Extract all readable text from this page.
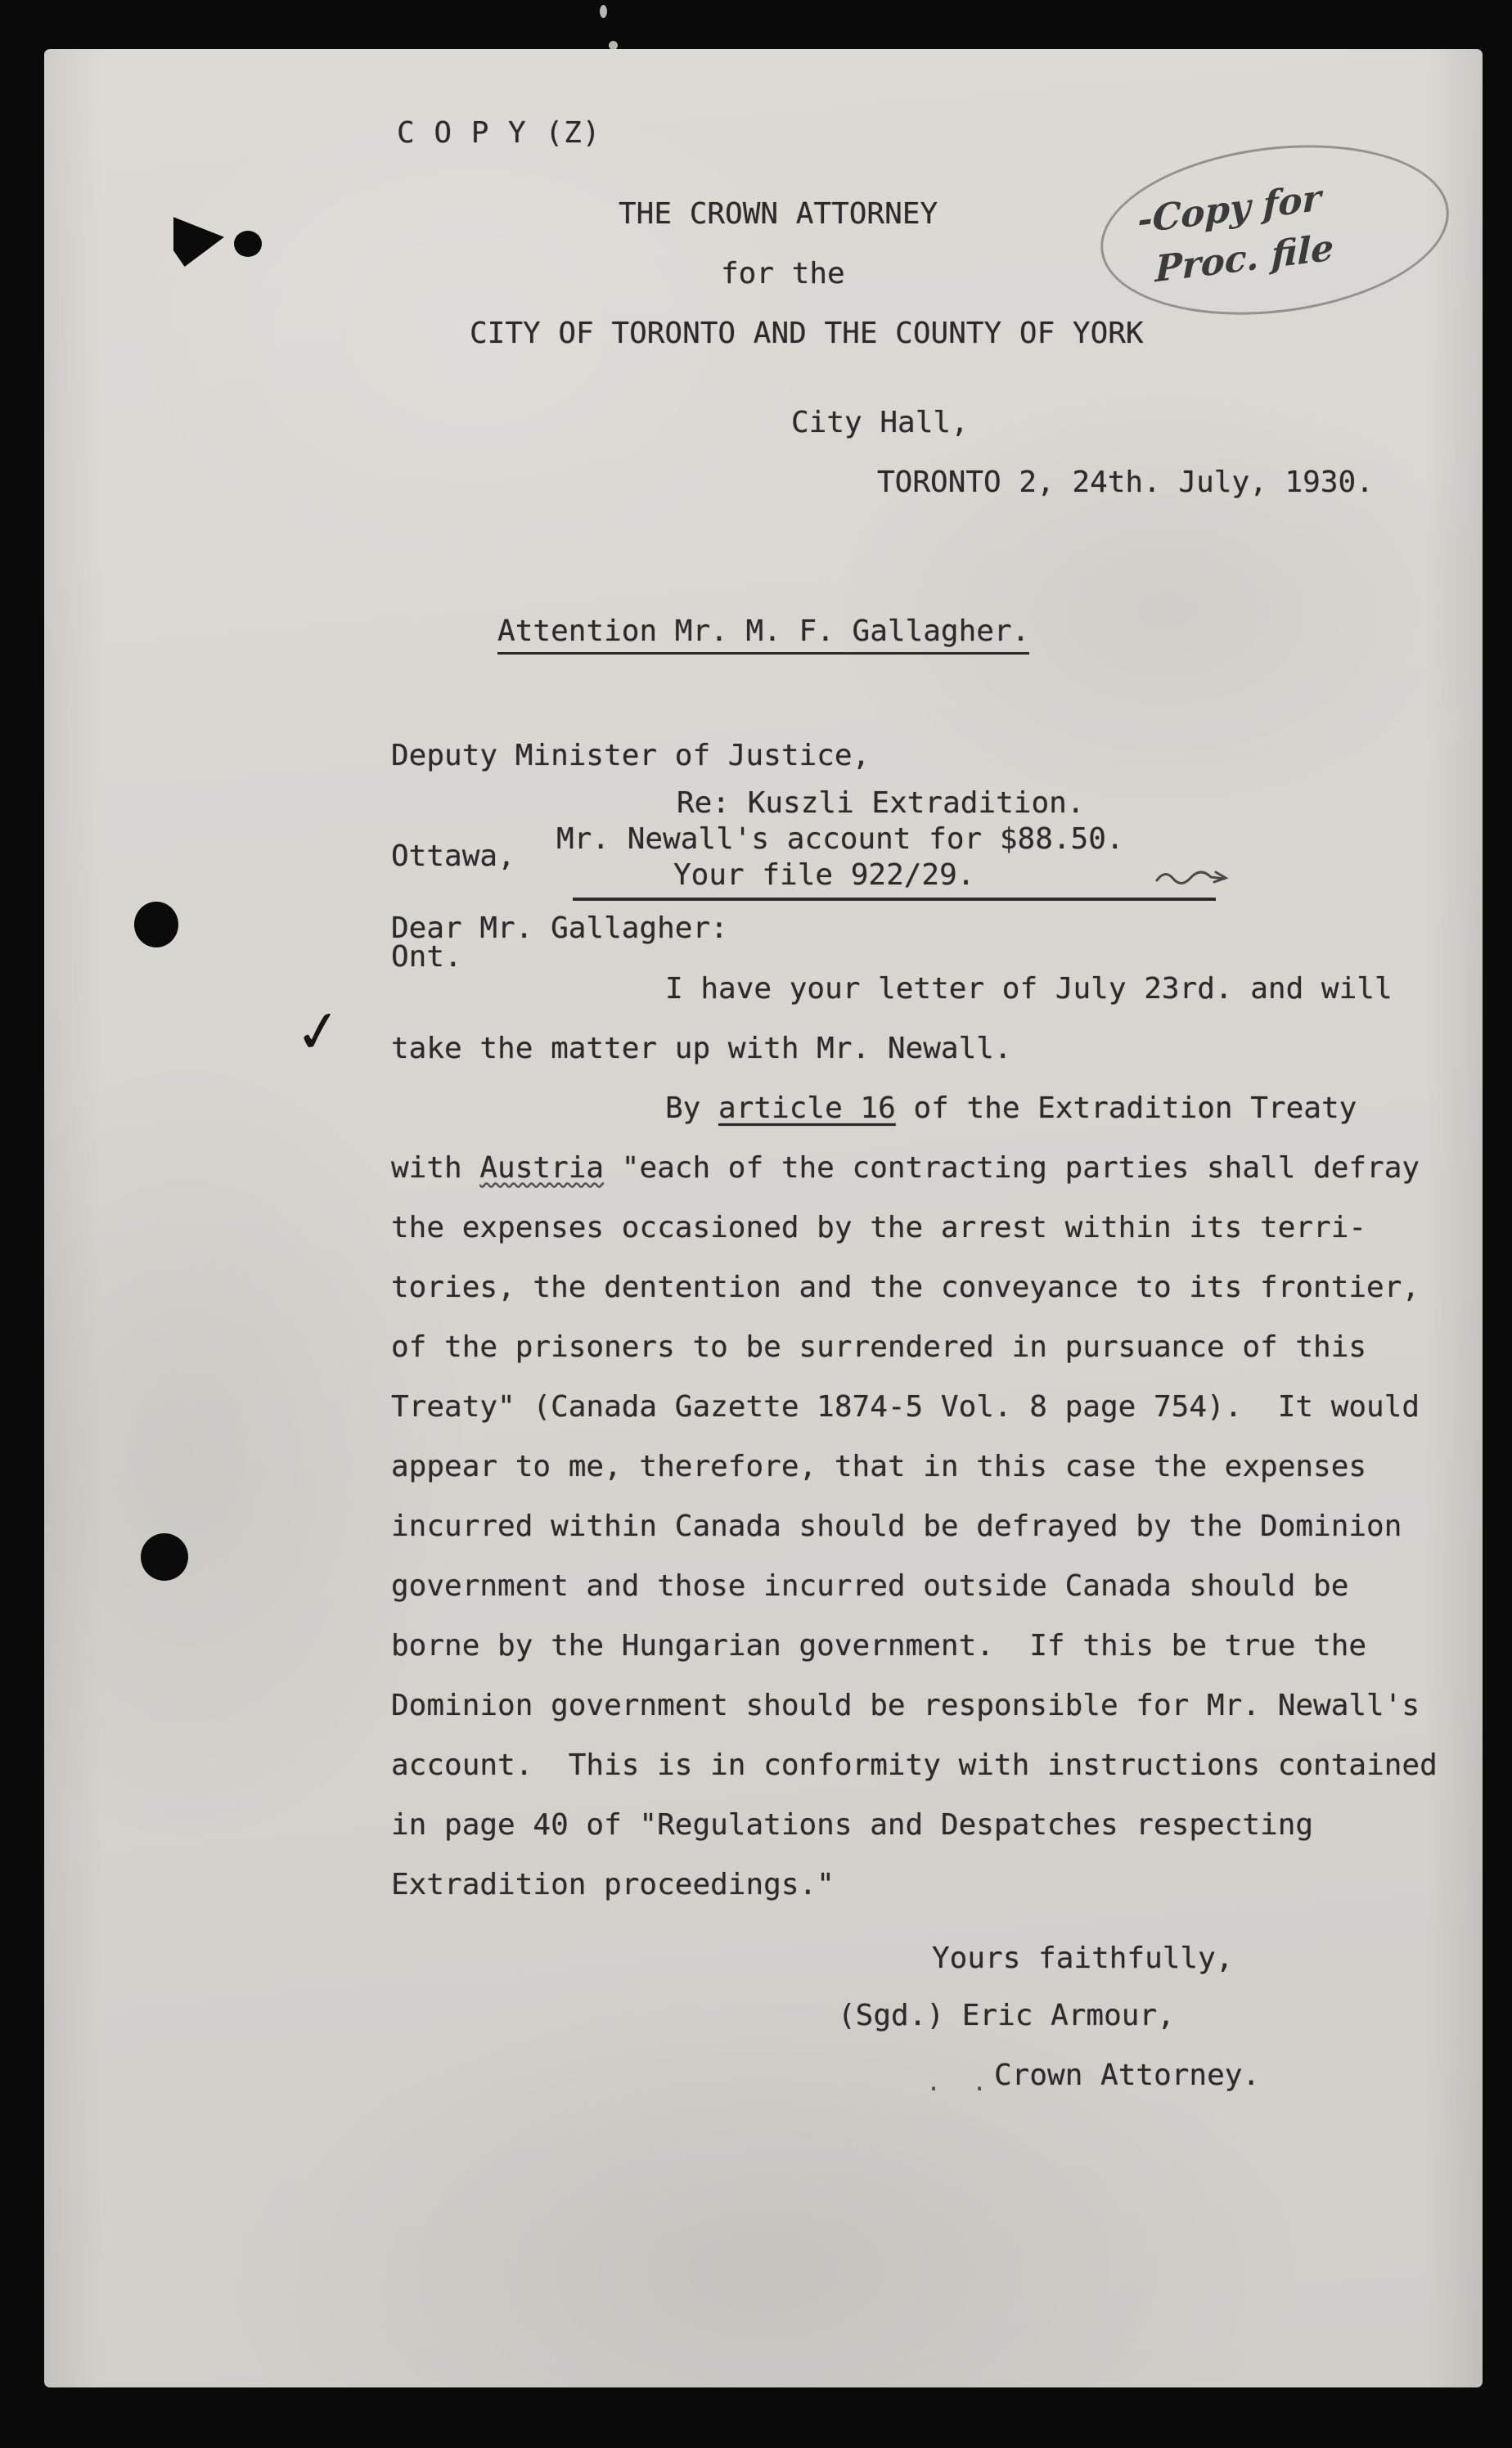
C O P Y (Z)
THE CROWN ATTORNEY
for the
CITY OF TORONTO AND THE COUNTY OF YORK
-Copy for
Proc. file
City Hall,
TORONTO 2, 24th. July, 1930.

Attention Mr. M. F. Gallagher.

Deputy Minister of Justice,

Ottawa,

Ont.

Re: Kuszli Extradition.
Mr. Newall's account for $88.50.
Your file 922/29.
Dear Mr. Gallagher:
I have your letter of July 23rd. and will
take the matter up with Mr. Newall.
By article 16 of the Extradition Treaty
with Austria "each of the contracting parties shall defray
the expenses occasioned by the arrest within its terri-
tories, the dentention and the conveyance to its frontier,
of the prisoners to be surrendered in pursuance of this
Treaty" (Canada Gazette 1874-5 Vol. 8 page 754).  It would
appear to me, therefore, that in this case the expenses
incurred within Canada should be defrayed by the Dominion
government and those incurred outside Canada should be
borne by the Hungarian government.  If this be true the
Dominion government should be responsible for Mr. Newall's
account.  This is in conformity with instructions contained
in page 40 of "Regulations and Despatches respecting
Extradition proceedings."
Yours faithfully,
(Sgd.) Eric Armour,
Crown Attorney.
. .
✓
